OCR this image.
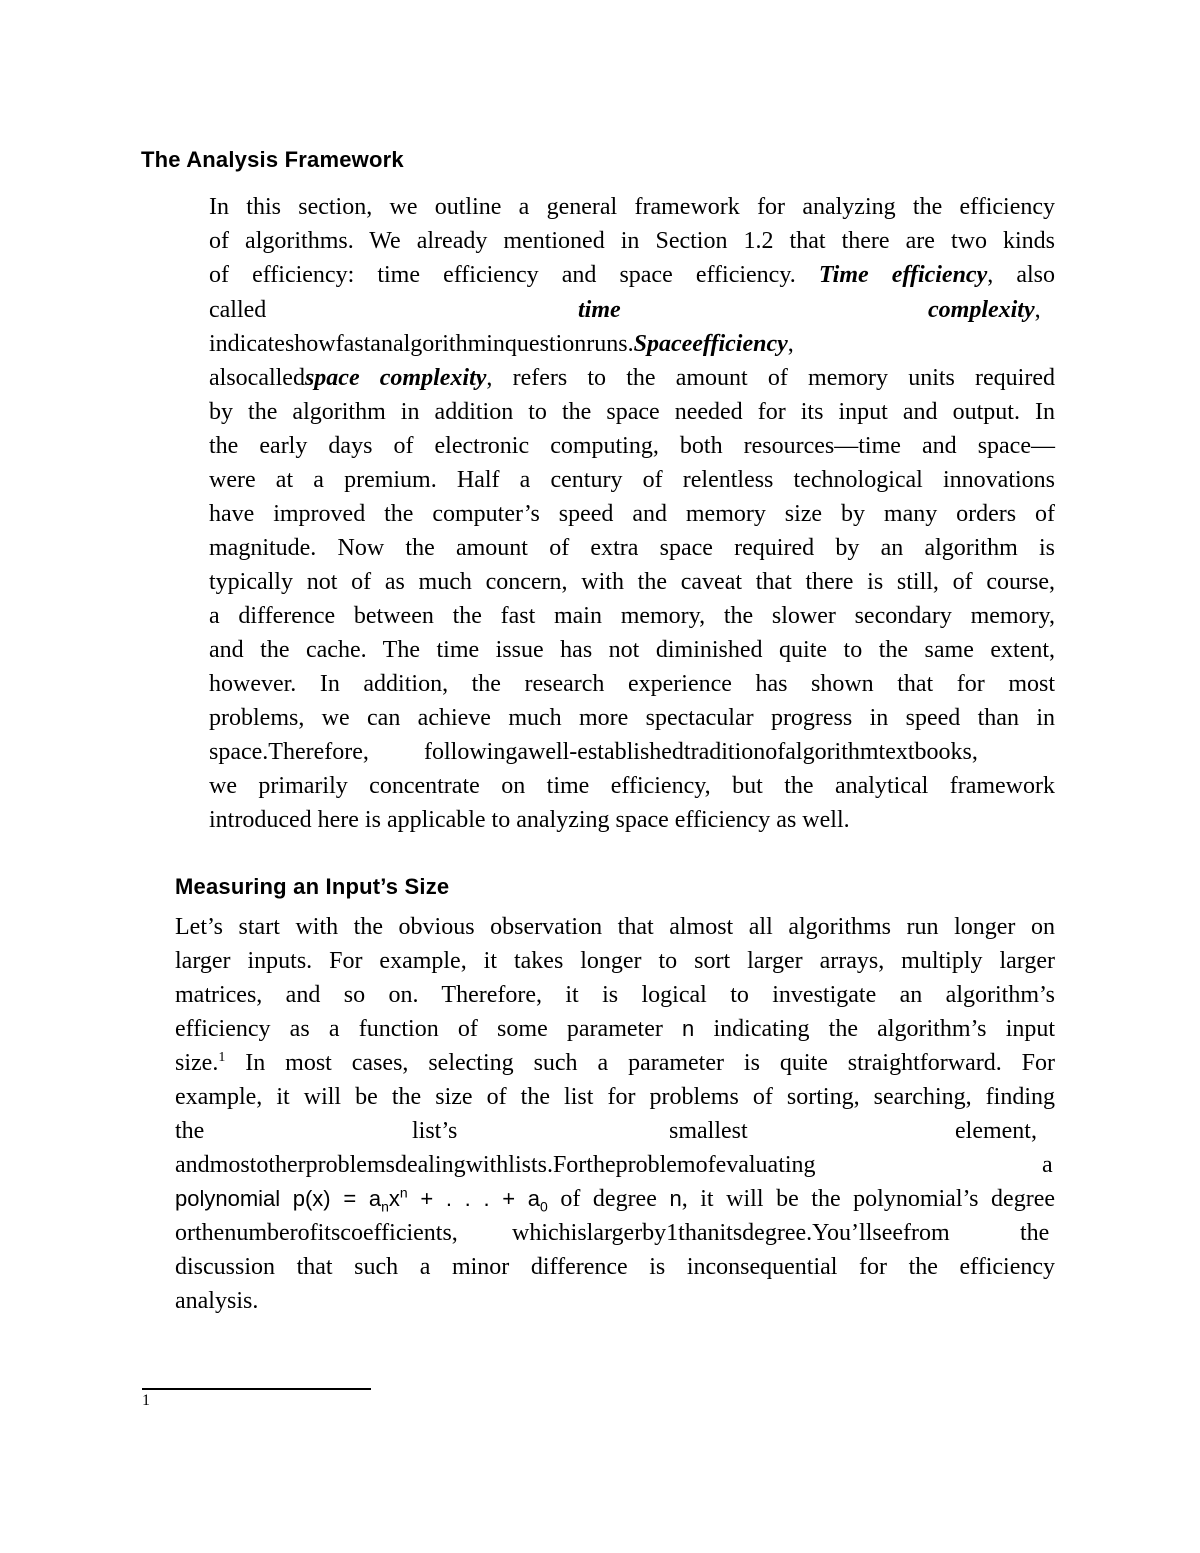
The Analysis Framework

In this section, we outline a general framework for analyzing the efficiency

of algorithms. We already mentioned in Section 1.2 that there are two kinds

of efficiency: time efficiency and space efficiency. Time efficiency, also

called	time	complexity,

indicateshowfastanalgorithminquestionruns.Spaceefficiency,

alsocalledspace complexity, refers to the amount of memory units required

by the algorithm in addition to the space needed for its input and output. In

the early days of electronic computing, both resources—time and space—

were at a premium. Half a century of relentless technological innovations

have improved the computer’s speed and memory size by many orders of

magnitude. Now the amount of extra space required by an algorithm is

typically not of as much concern, with the caveat that there is still, of course,

a difference between the fast main memory, the slower secondary memory,

and the cache. The time issue has not diminished quite to the same extent,

however. In addition, the research experience has shown that for most

problems, we can achieve much more spectacular progress in speed than in

space.Therefore, followingawell-establishedtraditionofalgorithmtextbooks,

we primarily concentrate on time efficiency, but the analytical framework

introduced here is applicable to analyzing space efficiency as well.

Measuring an Input’s Size

Let’s start with the obvious observation that almost all algorithms run longer on

larger inputs. For example, it takes longer to sort larger arrays, multiply larger

matrices, and so on. Therefore, it is logical to investigate an algorithm’s

efficiency as a function of some parameter n indicating the algorithm’s input

size.$^1$ In most cases, selecting such a parameter is quite straightforward. For

example, it will be the size of the list for problems of sorting, searching, finding

the	list’s	smallest	element,

andmostotherproblemsdealingwithlists.Fortheproblemofevaluating	a

polynomial $p(x) = a_nx^n$ + . . . + $a_0$ of degree n, it will be the polynomial’s degree

orthenumberofitscoefficients, whichislargerby1thanitsdegree.You’llseefrom	the

discussion that such a minor difference is inconsequential for the efficiency

analysis.

1
